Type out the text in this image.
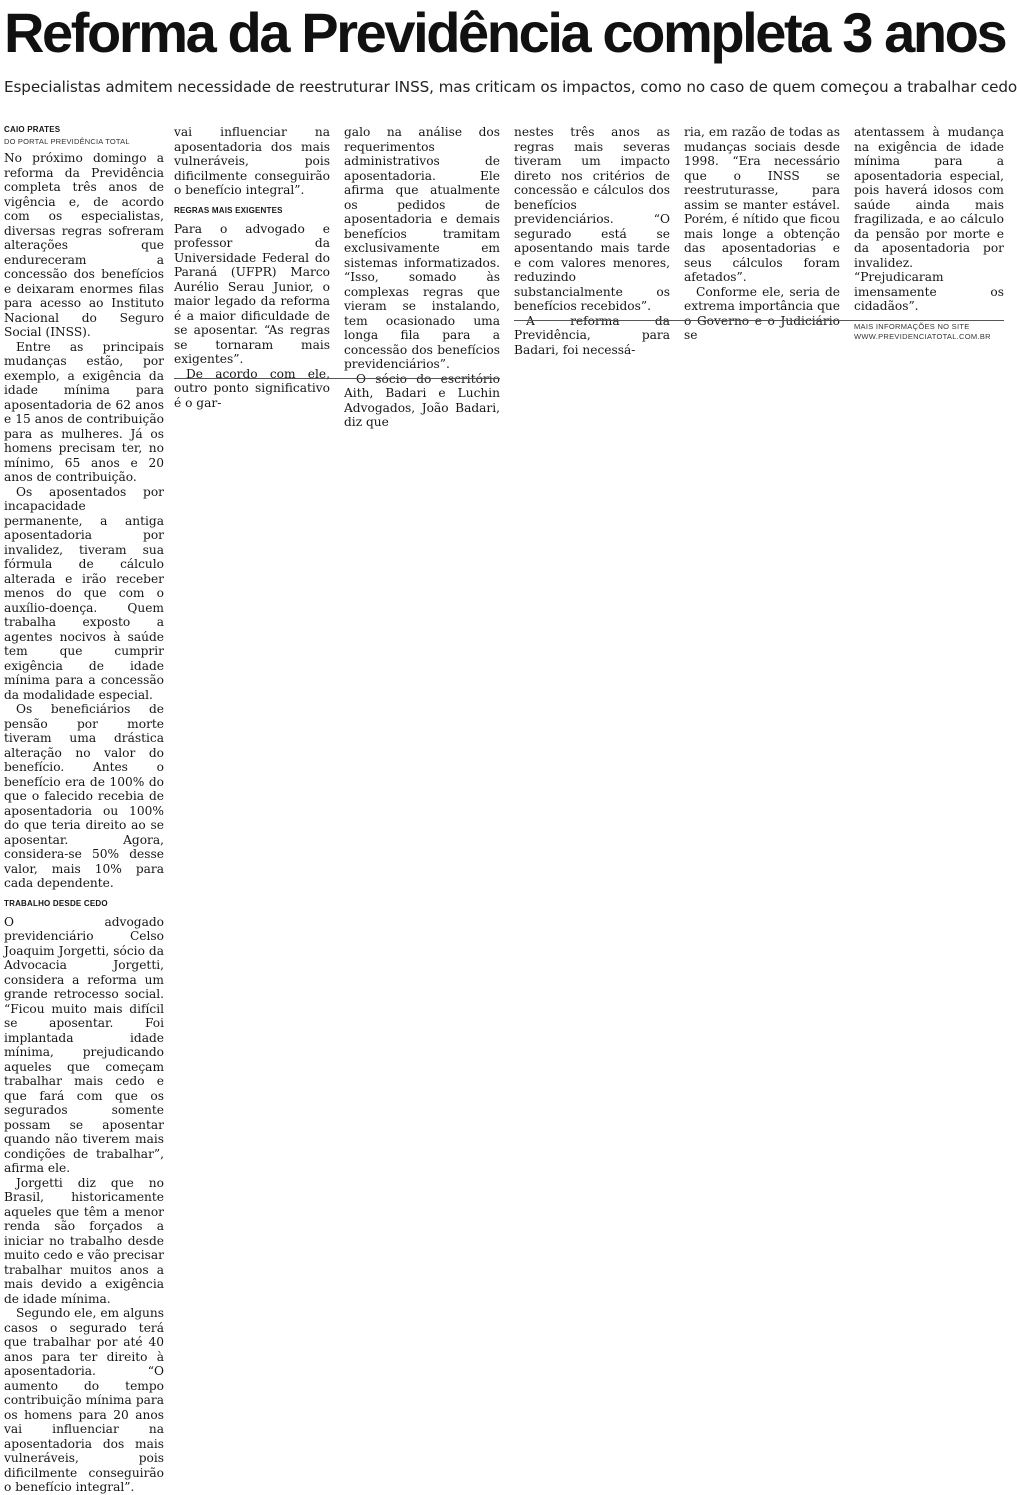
Reforma da Previdência completa 3 anos
Especialistas admitem necessidade de reestruturar INSS, mas criticam os impactos, como no caso de quem começou a trabalhar cedo
CAIO PRATES
DO PORTAL PREVIDÊNCIA TOTAL

No próximo domingo a reforma da Previdência completa três anos de vigência e, de acordo com os especialistas, diversas regras sofreram alterações que endureceram a concessão dos benefícios e deixaram enormes filas para acesso ao Instituto Nacional do Seguro Social (INSS).

Entre as principais mudanças estão, por exemplo, a exigência da idade mínima para aposentadoria de 62 anos e 15 anos de contribuição para as mulheres. Já os homens precisam ter, no mínimo, 65 anos e 20 anos de contribuição.

Os aposentados por incapacidade permanente, a antiga aposentadoria por invalidez, tiveram sua fórmula de cálculo alterada e irão receber menos do que com o auxílio-doença. Quem trabalha exposto a agentes nocivos à saúde tem que cumprir exigência de idade mínima para a concessão da modalidade especial.

Os beneficiários de pensão por morte tiveram uma drástica alteração no valor do benefício. Antes o benefício era de 100% do que o falecido recebia de aposentadoria ou 100% do que teria direito ao se aposentar. Agora, considera-se 50% desse valor, mais 10% para cada dependente.

TRABALHO DESDE CEDO

O advogado previdenciário Celso Joaquim Jorgetti, sócio da Advocacia Jorgetti, considera a reforma um grande retrocesso social. “Ficou muito mais difícil se aposentar. Foi implantada idade mínima, prejudicando aqueles que começam trabalhar mais cedo e que fará com que os segurados somente possam se aposentar quando não tiverem mais condições de trabalhar”, afirma ele.

Jorgetti diz que no Brasil, historicamente aqueles que têm a menor renda são forçados a iniciar no trabalho desde muito cedo e vão precisar trabalhar muitos anos a mais devido a exigência de idade mínima.

Segundo ele, em alguns casos o segurado terá que trabalhar por até 40 anos para ter direito à aposentadoria. “O aumento do tempo contribuição mínima para os homens para 20 anos vai influenciar na aposentadoria dos mais vulneráveis, pois dificilmente conseguirão o benefício integral”.

vai influenciar na aposentadoria dos mais vulneráveis, pois dificilmente conseguirão o benefício integral”.

REGRAS MAIS EXIGENTES

Para o advogado e professor da Universidade Federal do Paraná (UFPR) Marco Aurélio Serau Junior, o maior legado da reforma é a maior dificuldade de se aposentar. “As regras se tornaram mais exigentes”.

De acordo com ele, outro ponto significativo é o gar-

galo na análise dos requerimentos administrativos de aposentadoria. Ele afirma que atualmente os pedidos de aposentadoria e demais benefícios tramitam exclusivamente em sistemas informatizados. “Isso, somado às complexas regras que vieram se instalando, tem ocasionado uma longa fila para a concessão dos benefícios previdenciários”.

O sócio do escritório Aith, Badari e Luchin Advogados, João Badari, diz que

nestes três anos as regras mais severas tiveram um impacto direto nos critérios de concessão e cálculos dos benefícios previdenciários. “O segurado está se aposentando mais tarde e com valores menores, reduzindo substancialmente os benefícios recebidos”.

A reforma da Previdência, para Badari, foi necessá-

ria, em razão de todas as mudanças sociais desde 1998. “Era necessário que o INSS se reestruturasse, para assim se manter estável. Porém, é nítido que ficou mais longe a obtenção das aposentadorias e seus cálculos foram afetados”.

Conforme ele, seria de extrema importância que o Governo e o Judiciário se

atentassem à mudança na exigência de idade mínima para a aposentadoria especial, pois haverá idosos com saúde ainda mais fragilizada, e ao cálculo da pensão por morte e da aposentadoria por invalidez. “Prejudicaram imensamente os cidadãos”.

MAIS INFORMAÇÕES NO SITE
WWW.PREVIDENCIATOTAL.COM.BR
